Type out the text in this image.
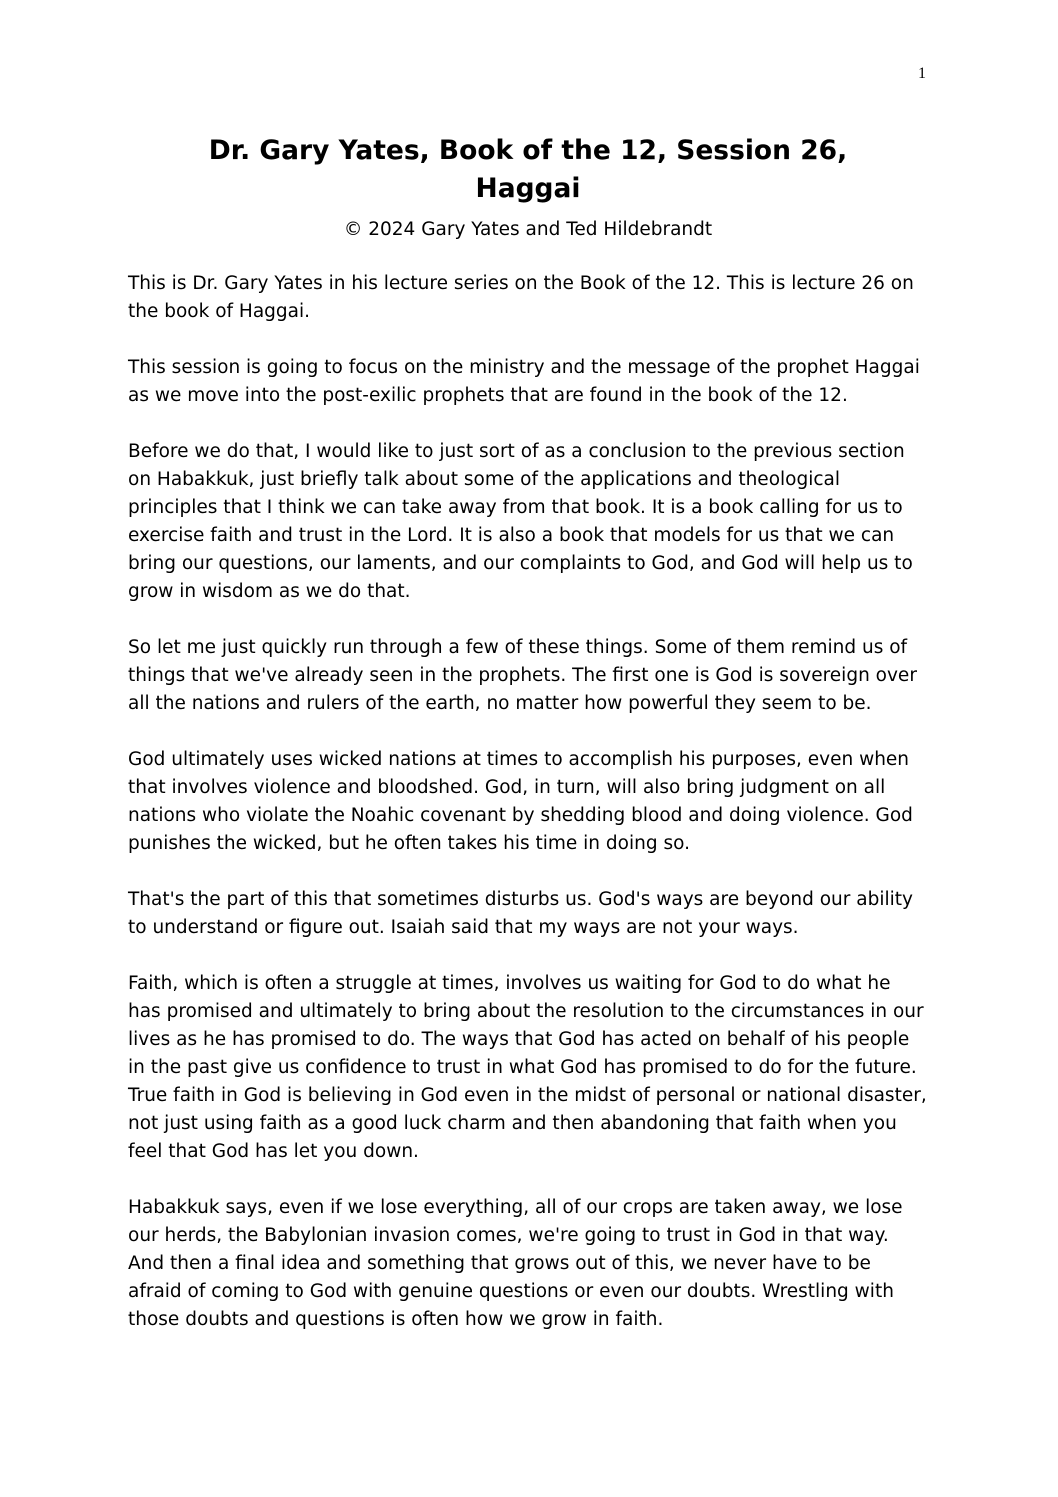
1
Dr. Gary Yates, Book of the 12, Session 26,
Haggai
© 2024 Gary Yates and Ted Hildebrandt

This is Dr. Gary Yates in his lecture series on the Book of the 12. This is lecture 26 on the book of Haggai.

This session is going to focus on the ministry and the message of the prophet Haggai as we move into the post-exilic prophets that are found in the book of the 12.

Before we do that, I would like to just sort of as a conclusion to the previous section on Habakkuk, just briefly talk about some of the applications and theological principles that I think we can take away from that book. It is a book calling for us to exercise faith and trust in the Lord. It is also a book that models for us that we can bring our questions, our laments, and our complaints to God, and God will help us to grow in wisdom as we do that.

So let me just quickly run through a few of these things. Some of them remind us of things that we've already seen in the prophets. The first one is God is sovereign over all the nations and rulers of the earth, no matter how powerful they seem to be.

God ultimately uses wicked nations at times to accomplish his purposes, even when that involves violence and bloodshed. God, in turn, will also bring judgment on all nations who violate the Noahic covenant by shedding blood and doing violence. God punishes the wicked, but he often takes his time in doing so.

That's the part of this that sometimes disturbs us. God's ways are beyond our ability to understand or figure out. Isaiah said that my ways are not your ways.

Faith, which is often a struggle at times, involves us waiting for God to do what he has promised and ultimately to bring about the resolution to the circumstances in our lives as he has promised to do. The ways that God has acted on behalf of his people in the past give us confidence to trust in what God has promised to do for the future. True faith in God is believing in God even in the midst of personal or national disaster, not just using faith as a good luck charm and then abandoning that faith when you feel that God has let you down.

Habakkuk says, even if we lose everything, all of our crops are taken away, we lose our herds, the Babylonian invasion comes, we're going to trust in God in that way. And then a final idea and something that grows out of this, we never have to be afraid of coming to God with genuine questions or even our doubts. Wrestling with those doubts and questions is often how we grow in faith.
